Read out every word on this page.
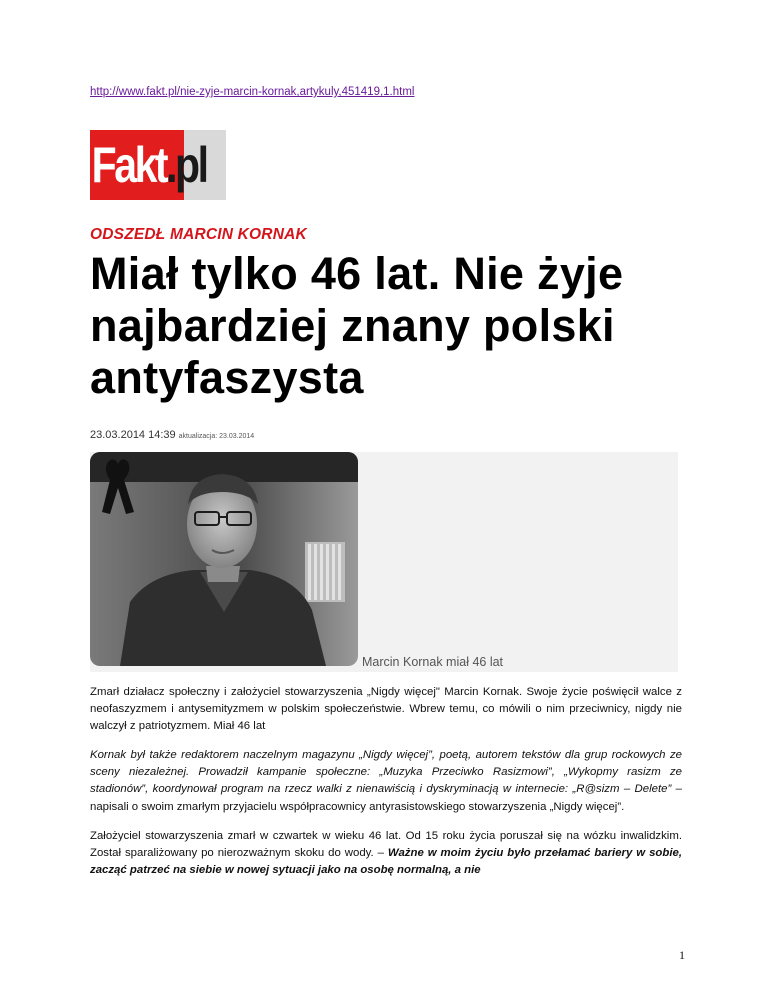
http://www.fakt.pl/nie-zyje-marcin-kornak,artykuly,451419,1.html
Fakt.pl
ODSZEDŁ MARCIN KORNAK
Miał tylko 46 lat. Nie żyje najbardziej znany polski antyfaszysta
23.03.2014 14:39 aktualizacja: 23.03.2014
Marcin Kornak miał 46 lat

Zmarł działacz społeczny i założyciel stowarzyszenia „Nigdy więcej" Marcin Kornak. Swoje życie poświęcił walce z neofaszyzmem i antysemityzmem w polskim społeczeństwie. Wbrew temu, co mówili o nim przeciwnicy, nigdy nie walczył z patriotyzmem. Miał 46 lat

Kornak był także redaktorem naczelnym magazynu „Nigdy więcej”, poetą, autorem tekstów dla grup rockowych ze sceny niezależnej. Prowadził kampanie społeczne: „Muzyka Przeciwko Rasizmowi”, „Wykopmy rasizm ze stadionów”, koordynował program na rzecz walki z nienawiścią i dyskryminacją w internecie: „R@sizm – Delete” – napisali o swoim zmarłym przyjacielu współpracownicy antyrasistowskiego stowarzyszenia „Nigdy więcej”.

Założyciel stowarzyszenia zmarł w czwartek w wieku 46 lat. Od 15 roku życia poruszał się na wózku inwalidzkim. Został sparaliżowany po nierozważnym skoku do wody. – Ważne w moim życiu było przełamać bariery w sobie, zacząć patrzeć na siebie w nowej sytuacji jako na osobę normalną, a nie

1
